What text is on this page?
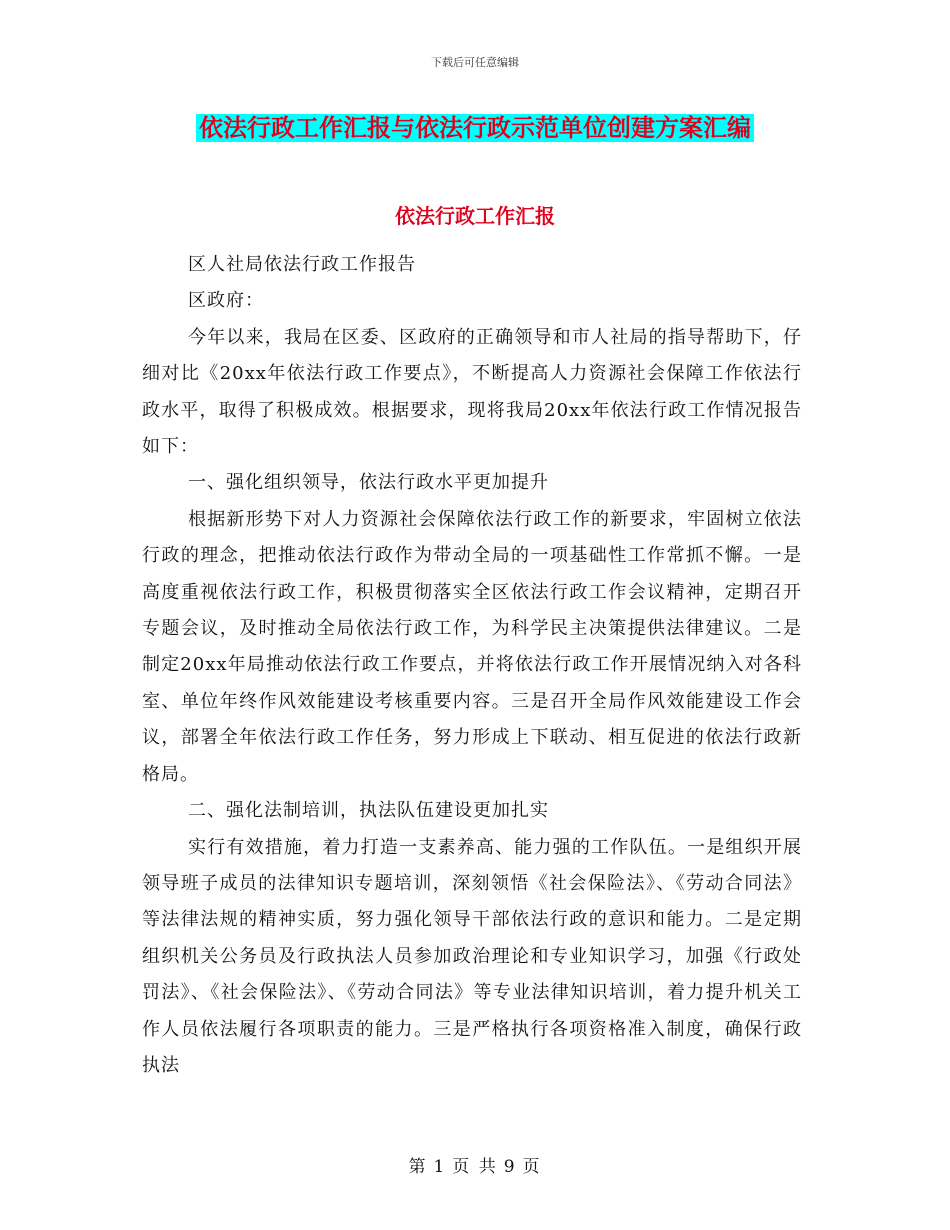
下载后可任意编辑
依法行政工作汇报与依法行政示范单位创建方案汇编
依法行政工作汇报

区人社局依法行政工作报告

区政府：

今年以来，我局在区委、区政府的正确领导和市人社局的指导帮助下，仔细对比《20xx年依法行政工作要点》，不断提高人力资源社会保障工作依法行政水平，取得了积极成效。根据要求，现将我局20xx年依法行政工作情况报告如下：

一、强化组织领导，依法行政水平更加提升

根据新形势下对人力资源社会保障依法行政工作的新要求，牢固树立依法行政的理念，把推动依法行政作为带动全局的一项基础性工作常抓不懈。一是高度重视依法行政工作，积极贯彻落实全区依法行政工作会议精神，定期召开专题会议，及时推动全局依法行政工作，为科学民主决策提供法律建议。二是制定20xx年局推动依法行政工作要点，并将依法行政工作开展情况纳入对各科室、单位年终作风效能建设考核重要内容。三是召开全局作风效能建设工作会议，部署全年依法行政工作任务，努力形成上下联动、相互促进的依法行政新格局。

二、强化法制培训，执法队伍建设更加扎实

实行有效措施，着力打造一支素养高、能力强的工作队伍。一是组织开展领导班子成员的法律知识专题培训，深刻领悟《社会保险法》、《劳动合同法》等法律法规的精神实质，努力强化领导干部依法行政的意识和能力。二是定期组织机关公务员及行政执法人员参加政治理论和专业知识学习，加强《行政处罚法》、《社会保险法》、《劳动合同法》等专业法律知识培训，着力提升机关工作人员依法履行各项职责的能力。三是严格执行各项资格准入制度，确保行政执法

第 1 页 共 9 页
